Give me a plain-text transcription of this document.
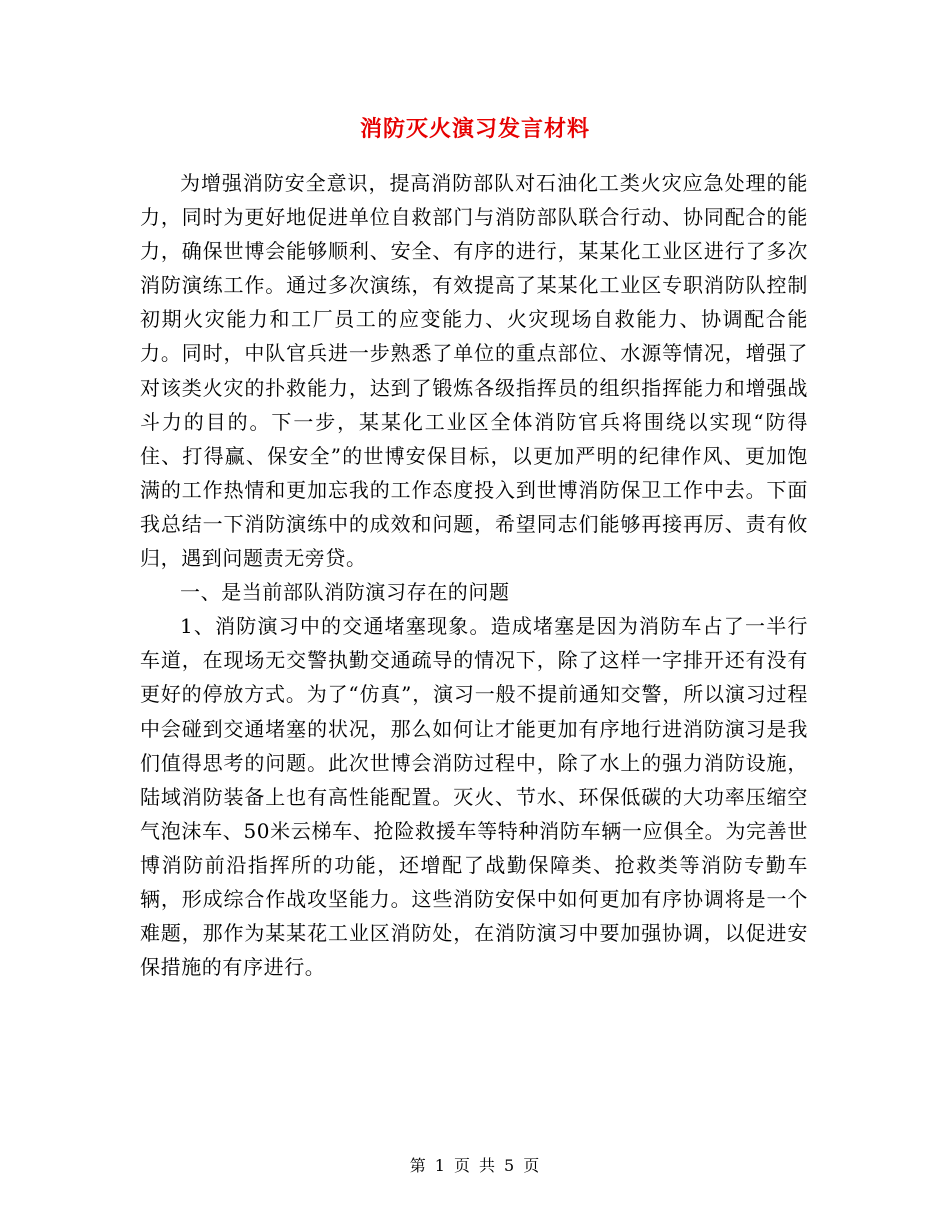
消防灭火演习发言材料

为增强消防安全意识，提高消防部队对石油化工类火灾应急处理的能力，同时为更好地促进单位自救部门与消防部队联合行动、协同配合的能力，确保世博会能够顺利、安全、有序的进行，某某化工业区进行了多次消防演练工作。通过多次演练，有效提高了某某化工业区专职消防队控制初期火灾能力和工厂员工的应变能力、火灾现场自救能力、协调配合能力。同时，中队官兵进一步熟悉了单位的重点部位、水源等情况，增强了对该类火灾的扑救能力，达到了锻炼各级指挥员的组织指挥能力和增强战斗力的目的。下一步，某某化工业区全体消防官兵将围绕以实现“防得住、打得赢、保安全”的世博安保目标，以更加严明的纪律作风、更加饱满的工作热情和更加忘我的工作态度投入到世博消防保卫工作中去。下面我总结一下消防演练中的成效和问题，希望同志们能够再接再厉、责有攸归，遇到问题责无旁贷。

一、是当前部队消防演习存在的问题

1、消防演习中的交通堵塞现象。造成堵塞是因为消防车占了一半行车道，在现场无交警执勤交通疏导的情况下，除了这样一字排开还有没有更好的停放方式。为了“仿真”，演习一般不提前通知交警，所以演习过程中会碰到交通堵塞的状况，那么如何让才能更加有序地行进消防演习是我们值得思考的问题。此次世博会消防过程中，除了水上的强力消防设施，陆域消防装备上也有高性能配置。灭火、节水、环保低碳的大功率压缩空气泡沫车、50米云梯车、抢险救援车等特种消防车辆一应俱全。为完善世博消防前沿指挥所的功能，还增配了战勤保障类、抢救类等消防专勤车辆，形成综合作战攻坚能力。这些消防安保中如何更加有序协调将是一个难题，那作为某某花工业区消防处，在消防演习中要加强协调，以促进安保措施的有序进行。

第 1 页 共 5 页
